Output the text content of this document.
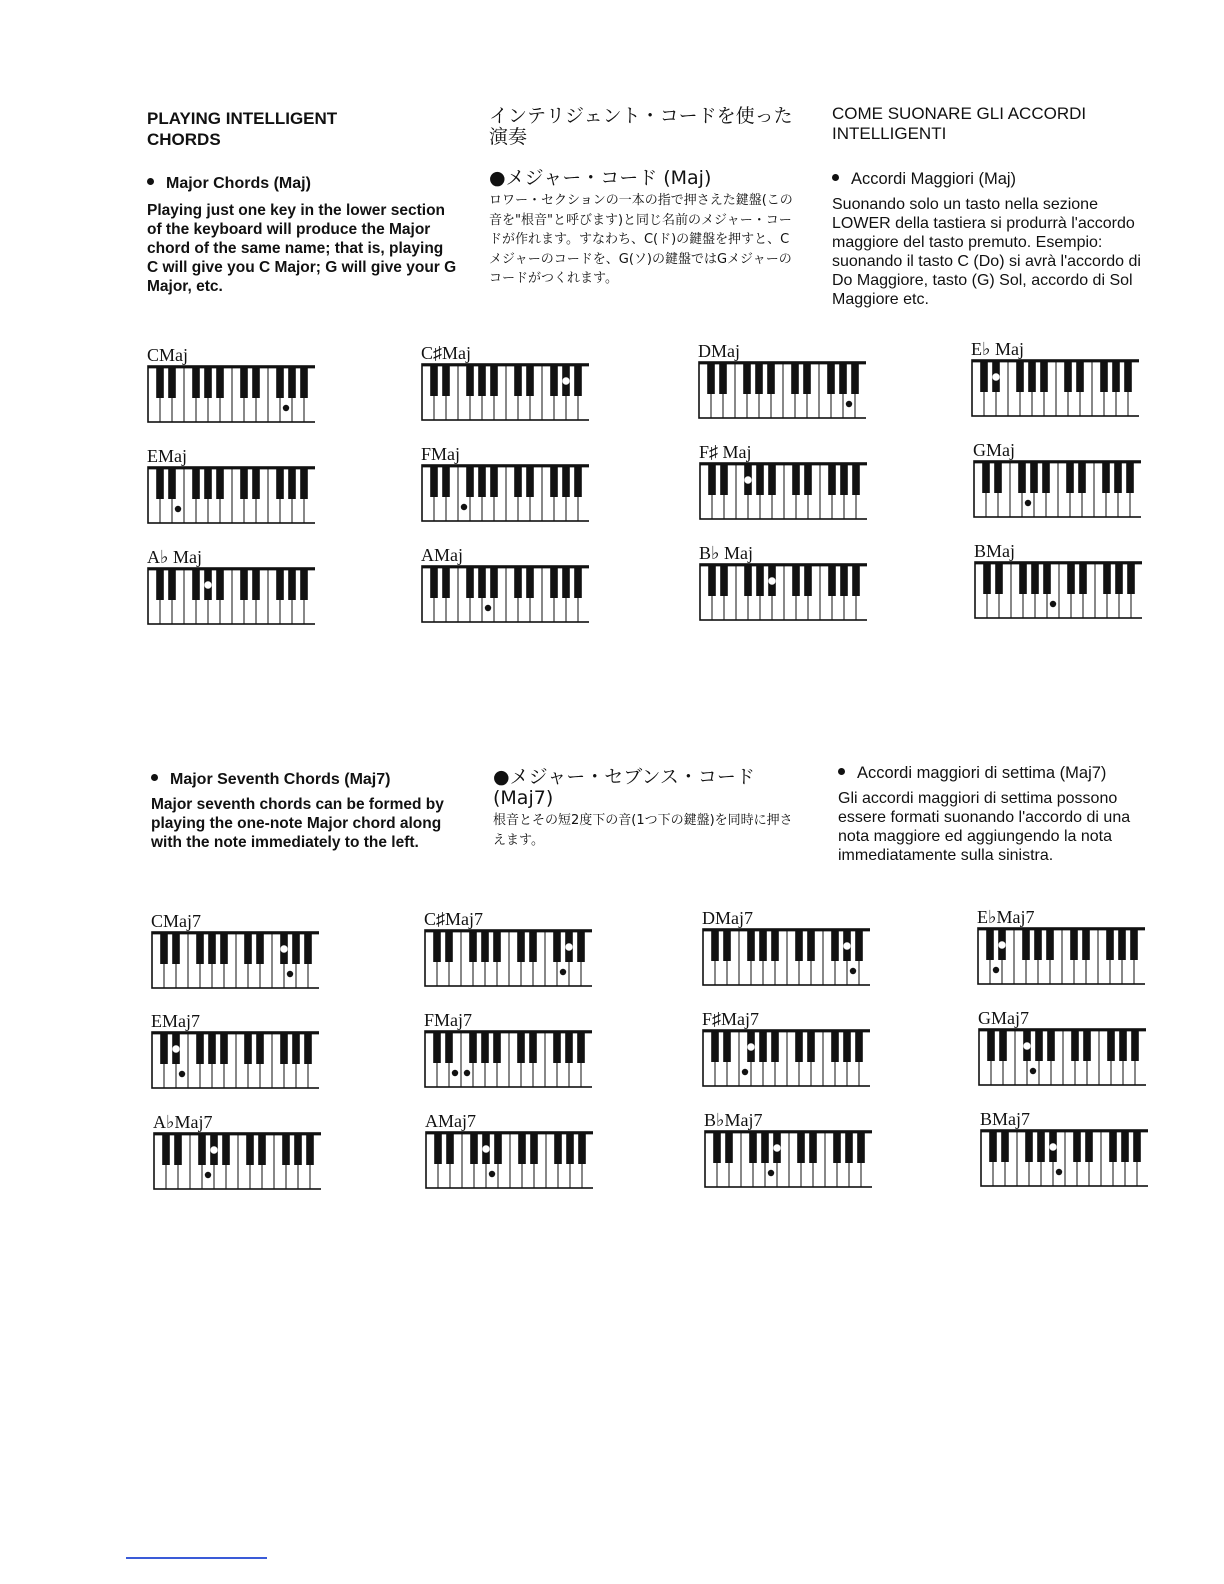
PLAYING INTELLIGENT CHORDS

Major Chords (Maj)

Playing just one key in the lower section of the keyboard will produce the Major chord of the same name; that is, playing C will give you C Major; G will give your G Major, etc.

インテリジェント・コードを使った演奏

●メジャー・コード (Maj)

ロワー・セクションの一本の指で押さえた鍵盤(この音を"根音"と呼びます)と同じ名前のメジャー・コードが作れます。すなわち、C(ド)の鍵盤を押すと、Cメジャーのコードを、G(ソ)の鍵盤ではGメジャーのコードがつくれます。

COME SUONARE GLI ACCORDI INTELLIGENTI

Accordi Maggiori (Maj)

Suonando solo un tasto nella sezione LOWER della tastiera si produrrà l'accordo maggiore del tasto premuto. Esempio: suonando il tasto C (Do) si avrà l'accordo di Do Maggiore, tasto (G) Sol, accordo di Sol Maggiore etc.

CMaj	C♯Maj	DMaj	E♭ Maj
EMaj	FMaj	F♯ Maj	GMaj
A♭ Maj	AMaj	B♭ Maj	BMaj

Major Seventh Chords (Maj7)

Major seventh chords can be formed by playing the one-note Major chord along with the note immediately to the left.

●メジャー・セブンス・コード (Maj7)

根音とその短2度下の音(1つ下の鍵盤)を同時に押さえます。

Accordi maggiori di settima (Maj7)

Gli accordi maggiori di settima possono essere formati suonando l'accordo di una nota maggiore ed aggiungendo la nota immediatamente sulla sinistra.

CMaj7	C♯Maj7	DMaj7	E♭Maj7
EMaj7	FMaj7	F♯Maj7	GMaj7
A♭Maj7	AMaj7	B♭Maj7	BMaj7
